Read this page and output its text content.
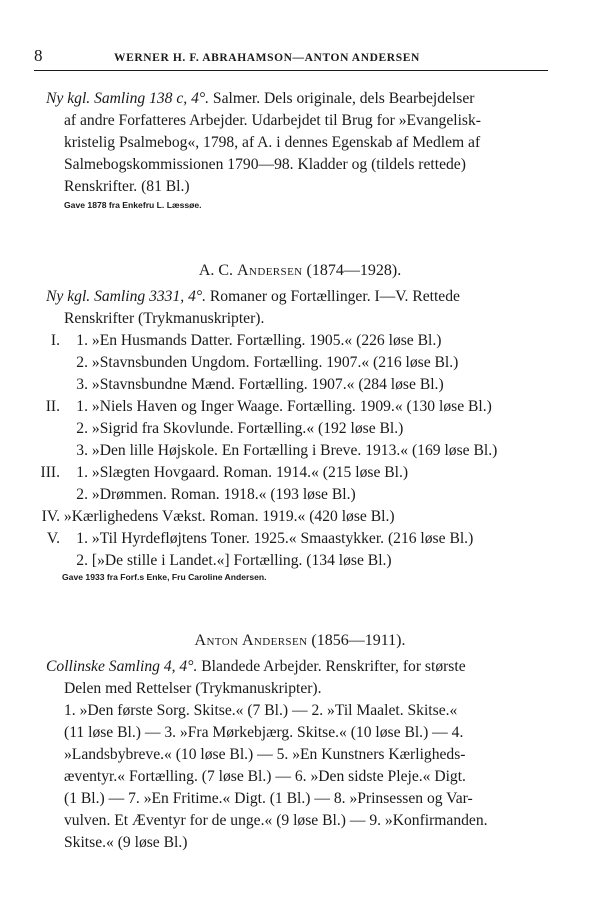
8	WERNER H. F. ABRAHAMSON—ANTON ANDERSEN
Ny kgl. Samling 138 c, 4°. Salmer. Dels originale, dels Bearbejdelser
af andre Forfatteres Arbejder. Udarbejdet til Brug for »Evangelisk-
kristelig Psalmebog«, 1798, af A. i dennes Egenskab af Medlem af
Salmebogskommissionen 1790—98. Kladder og (tildels rettede)
Renskrifter. (81 Bl.)
Gave 1878 fra Enkefru L. Læssøe.
A. C. Andersen (1874—1928).
Ny kgl. Samling 3331, 4°. Romaner og Fortællinger. I—V. Rettede
Renskrifter (Trykmanuskripter).
I. 1. »En Husmands Datter. Fortælling. 1905.« (226 løse Bl.)
2. »Stavnsbunden Ungdom. Fortælling. 1907.« (216 løse Bl.)
3. »Stavnsbundne Mænd. Fortælling. 1907.« (284 løse Bl.)
II. 1. »Niels Haven og Inger Waage. Fortælling. 1909.« (130 løse Bl.)
2. »Sigrid fra Skovlunde. Fortælling.« (192 løse Bl.)
3. »Den lille Højskole. En Fortælling i Breve. 1913.« (169 løse Bl.)
III. 1. »Slægten Hovgaard. Roman. 1914.« (215 løse Bl.)
2. »Drømmen. Roman. 1918.« (193 løse Bl.)
IV. »Kærlighedens Vækst. Roman. 1919.« (420 løse Bl.)
V. 1. »Til Hyrdefløjtens Toner. 1925.« Smaastykker. (216 løse Bl.)
2. [»De stille i Landet.«] Fortælling. (134 løse Bl.)
Gave 1933 fra Forf.s Enke, Fru Caroline Andersen.
Anton Andersen (1856—1911).
Collinske Samling 4, 4°. Blandede Arbejder. Renskrifter, for største
Delen med Rettelser (Trykmanuskripter).
1. »Den første Sorg. Skitse.« (7 Bl.) — 2. »Til Maalet. Skitse.«
(11 løse Bl.) — 3. »Fra Mørkebjærg. Skitse.« (10 løse Bl.) — 4.
»Landsbybreve.« (10 løse Bl.) — 5. »En Kunstners Kærligheds-
æventyr.« Fortælling. (7 løse Bl.) — 6. »Den sidste Pleje.« Digt.
(1 Bl.) — 7. »En Fritime.« Digt. (1 Bl.) — 8. »Prinsessen og Var-
vulven. Et Æventyr for de unge.« (9 løse Bl.) — 9. »Konfirmanden.
Skitse.« (9 løse Bl.)
